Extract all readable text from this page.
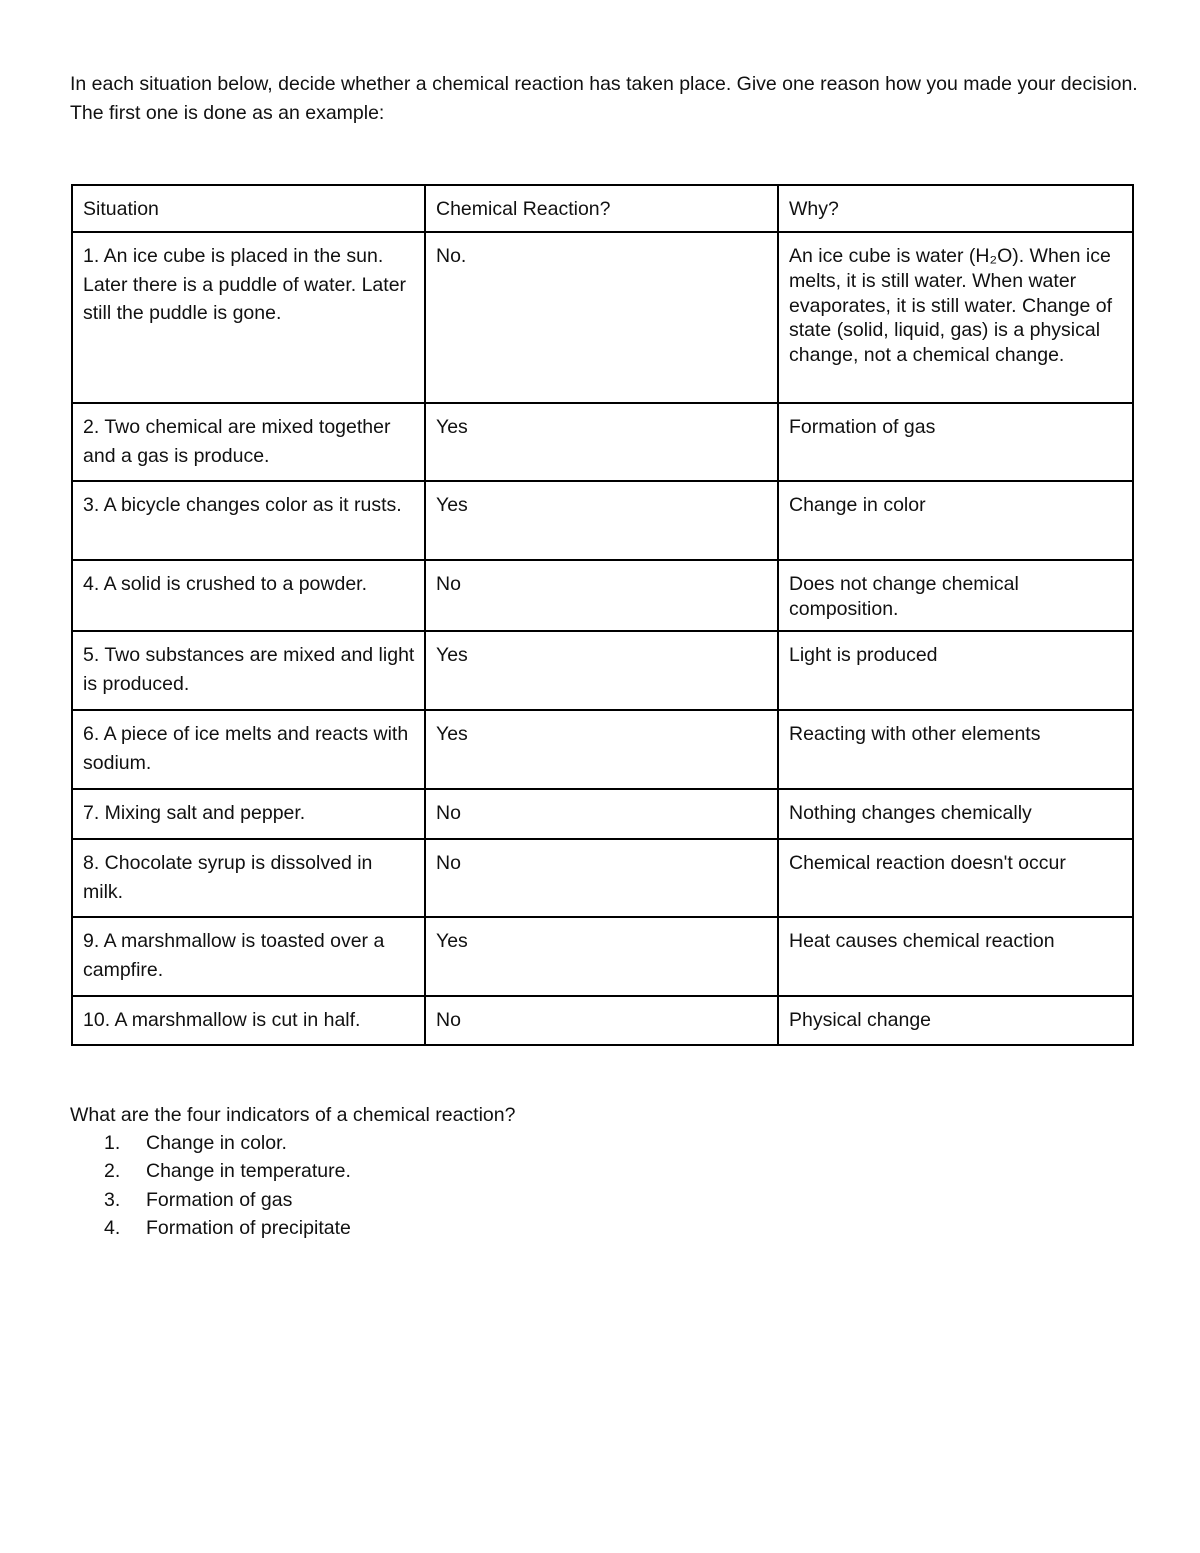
In each situation below, decide whether a chemical reaction has taken place. Give one reason how you made your decision. The first one is done as an example:

Situation	Chemical Reaction?	Why?
1. An ice cube is placed in the sun. Later there is a puddle of water. Later still the puddle is gone.	No.	An ice cube is water (H₂O). When ice melts, it is still water. When water evaporates, it is still water. Change of state (solid, liquid, gas) is a physical change, not a chemical change.
2. Two chemical are mixed together and a gas is produce.	Yes	Formation of gas
3. A bicycle changes color as it rusts.	Yes	Change in color
4. A solid is crushed to a powder.	No	Does not change chemical composition.
5. Two substances are mixed and light is produced.	Yes	Light is produced
6. A piece of ice melts and reacts with sodium.	Yes	Reacting with other elements
7. Mixing salt and pepper.	No	Nothing changes chemically
8. Chocolate syrup is dissolved in milk.	No	Chemical reaction doesn't occur
9. A marshmallow is toasted over a campfire.	Yes	Heat causes chemical reaction
10. A marshmallow is cut in half.	No	Physical change
What are the four indicators of a chemical reaction?
1. Change in color.
2. Change in temperature.
3. Formation of gas
4. Formation of precipitate
